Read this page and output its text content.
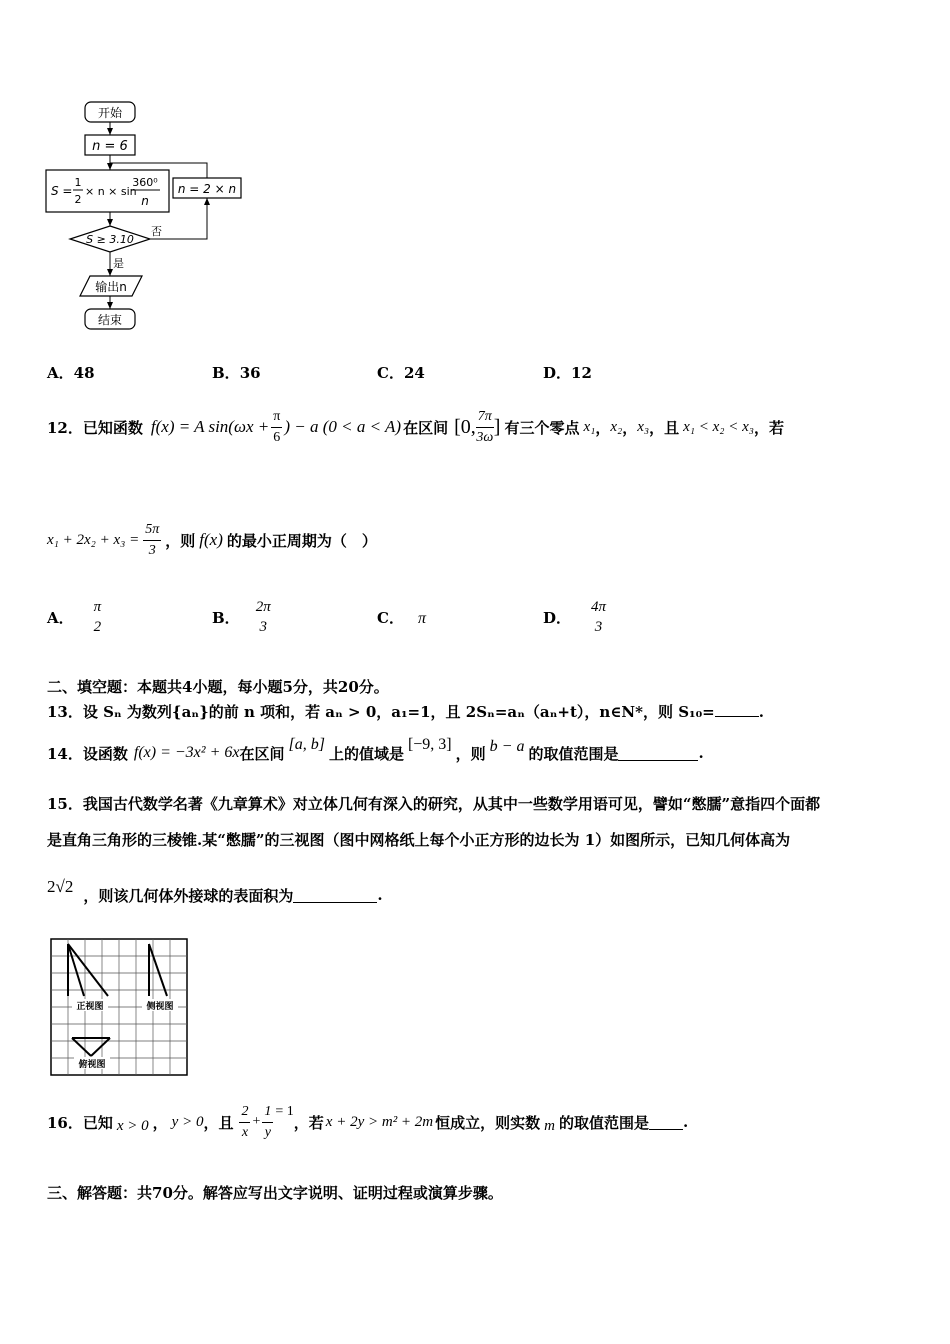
开始
n = 6
S =
1
2
× n × sin
360⁰
n
n = 2 × n
S ≥ 3.10
否
是
输出n
结束
A．48	B．36	C．24	D．12
12． 已知函数 f(x) = A $\sin(\omega x + \frac{\pi}{6}$ ) − a (0 < a < A) 在区间 [0, $\frac{7\pi}{3\omega}$ ] 有三个零点 x₁ ， x₂ ， x₃ ，且 x₁ < x₂ < x₃ ，若
$x_1 + 2x_2 + x_3 = \frac{5\pi}{3}$ ，则 f(x) 的最小正周期为（　）
A．
π
2
B．
2π
3
C． π	D．
4π
3
二、填空题：本题共4小题，每小题5分，共20分。
13．设 Sₙ 为数列{aₙ}的前 n 项和，若 aₙ > 0，a₁=1，且 2Sₙ=aₙ（aₙ+t），n∈N*，则 S₁₀=	.
14．设函数 f(x) = −3x² + 6x 在区间 [a, b] 上的值域是 [−9, 3] ，则 b − a 的取值范围是	.
15．我国古代数学名著《九章算术》对立体几何有深入的研究，从其中一些数学用语可见，譬如“憋臑”意指四个面都
是直角三角形的三棱锥.某“憋臑”的三视图（图中网格纸上每个小正方形的边长为 1）如图所示，已知几何体高为
2√2 ，则该几何体外接球的表面积为	.
正视图	侧视图
俯视图
16．已知 x > 0 ， y > 0 ，且 $\frac{2}{x} + \frac{1}{y} = 1$
，若 x + 2y > m² + 2m 恒成立，则实数 m 的取值范围是 .
三、解答题：共70分。解答应写出文字说明、证明过程或演算步骤。
